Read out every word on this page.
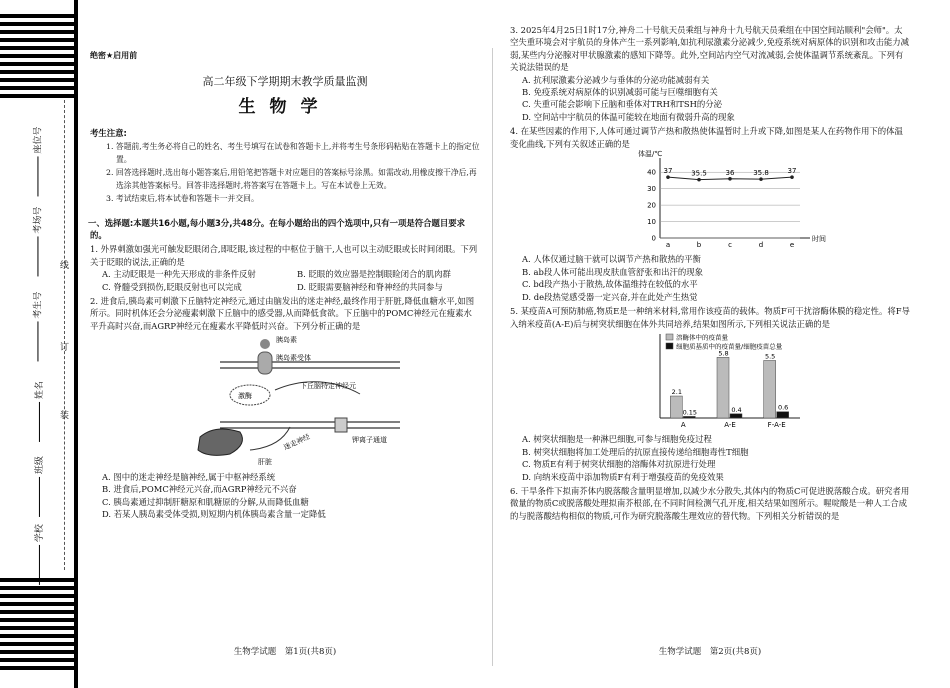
座位号
考场号
考生号
姓名
班级
学校
线
订
装
绝密★启用前
高二年级下学期期末教学质量监测
生物学
考生注意:

1. 答题前,考生务必将自己的姓名、考生号填写在试卷和答题卡上,并将考生号条形码粘贴在答题卡上的指定位置。

2. 回答选择题时,选出每小题答案后,用铅笔把答题卡对应题目的答案标号涂黑。如需改动,用橡皮擦干净后,再选涂其他答案标号。回答非选择题时,将答案写在答题卡上。写在本试卷上无效。

3. 考试结束后,将本试卷和答题卡一并交回。

一、选择题:本题共16小题,每小题3分,共48分。在每小题给出的四个选项中,只有一项是符合题目要求的。

1. 外界刺激如强光可触发眨眼闭合,即眨眼,该过程的中枢位于脑干,人也可以主动眨眼或长时间闭眼。下列关于眨眼的说法,正确的是

A. 主动眨眼是一种先天形成的非条件反射	B. 眨眼的效应器是控制眼睑闭合的肌肉群

C. 脊髓受到损伤,眨眼反射也可以完成	D. 眨眼需要脑神经和脊神经的共同参与

2. 进食后,胰岛素可刺激下丘脑特定神经元,通过由脑发出的迷走神经,最终作用于肝脏,降低血糖水平,如图所示。同时机体还会分泌瘦素刺激下丘脑中的感受器,从而降低食欲。下丘脑中的POMC神经元在瘦素水平升高时兴奋,而AGRP神经元在瘦素水平降低时兴奋。下列分析正确的是

胰岛素
胰岛素受体
激酶
下丘脑特定神经元
钾离子通道
迷走神经
肝脏

A. 图中的迷走神经是脑神经,属于中枢神经系统

B. 进食后,POMC神经元兴奋,而AGRP神经元不兴奋

C. 胰岛素通过抑制肝糖原和肌糖原的分解,从而降低血糖

D. 若某人胰岛素受体受损,则短期内机体胰岛素含量一定降低

生物学试题　第1页(共8页)

3. 2025年4月25日1时17分,神舟二十号航天员乘组与神舟十九号航天员乘组在中国空间站顺利"会师"。太空失重环境会对宇航员的身体产生一系列影响,如抗利尿激素分泌减少,免疫系统对病原体的识别和攻击能力减弱,某些内分泌腺对甲状腺激素的感知下降等。此外,空间站内空气对流减弱,会使体温调节系统紊乱。下列有关说法错误的是

A. 抗利尿激素分泌减少与垂体的分泌功能减弱有关

B. 免疫系统对病原体的识别减弱可能与巨噬细胞有关

C. 失重可能会影响下丘脑和垂体对TRH和TSH的分泌

D. 空间站中宇航员的体温可能较在地面有微弱升高的现象

4. 在某些因素的作用下,人体可通过调节产热和散热使体温暂时上升或下降,如图是某人在药物作用下的体温变化曲线,下列有关叙述正确的是

体温/℃
时间
0
10
20
30
40
a	b	c	d	e
37	35.5	36	35.8	37

A. 人体仅通过脑干就可以调节产热和散热的平衡

B. ab段人体可能出现皮肤血管舒张和出汗的现象

C. bd段产热小于散热,故体温维持在较低的水平

D. de段热觉感受器一定兴奋,并在此处产生热觉

5. 某疫苗A可预防肺癌,物质E是一种纳米材料,常用作该疫苗的载体。物质F可干扰溶酶体膜的稳定性。将F导入纳米疫苗(A-E)后与树突状细胞在体外共同培养,结果如图所示,下列相关说法正确的是

溶酶体中的疫苗量
细胞质基质中的疫苗量/细胞疫苗总量
A
2.1
0.15
A-E
5.8
0.4
F-A-E
5.5
0.6

A. 树突状细胞是一种淋巴细胞,可参与细胞免疫过程

B. 树突状细胞将加工处理后的抗原直接传递给细胞毒性T细胞

C. 物质E有利于树突状细胞的溶酶体对抗原进行处理

D. 向纳米疫苗中添加物质F有利于增强疫苗的免疫效果

6. 干旱条件下拟南芥体内脱落酸含量明显增加,以减少水分散失,其体内的物质C可促进脱落酸合成。研究者用微量的物质C或脱落酸处理拟南芥根部,在不同时间检测气孔开度,相关结果如图所示。喔啶酸是一种人工合成的与脱落酸结构相似的物质,可作为研究脱落酸生理效应的替代物。下列相关分析错误的是

生物学试题　第2页(共8页)
